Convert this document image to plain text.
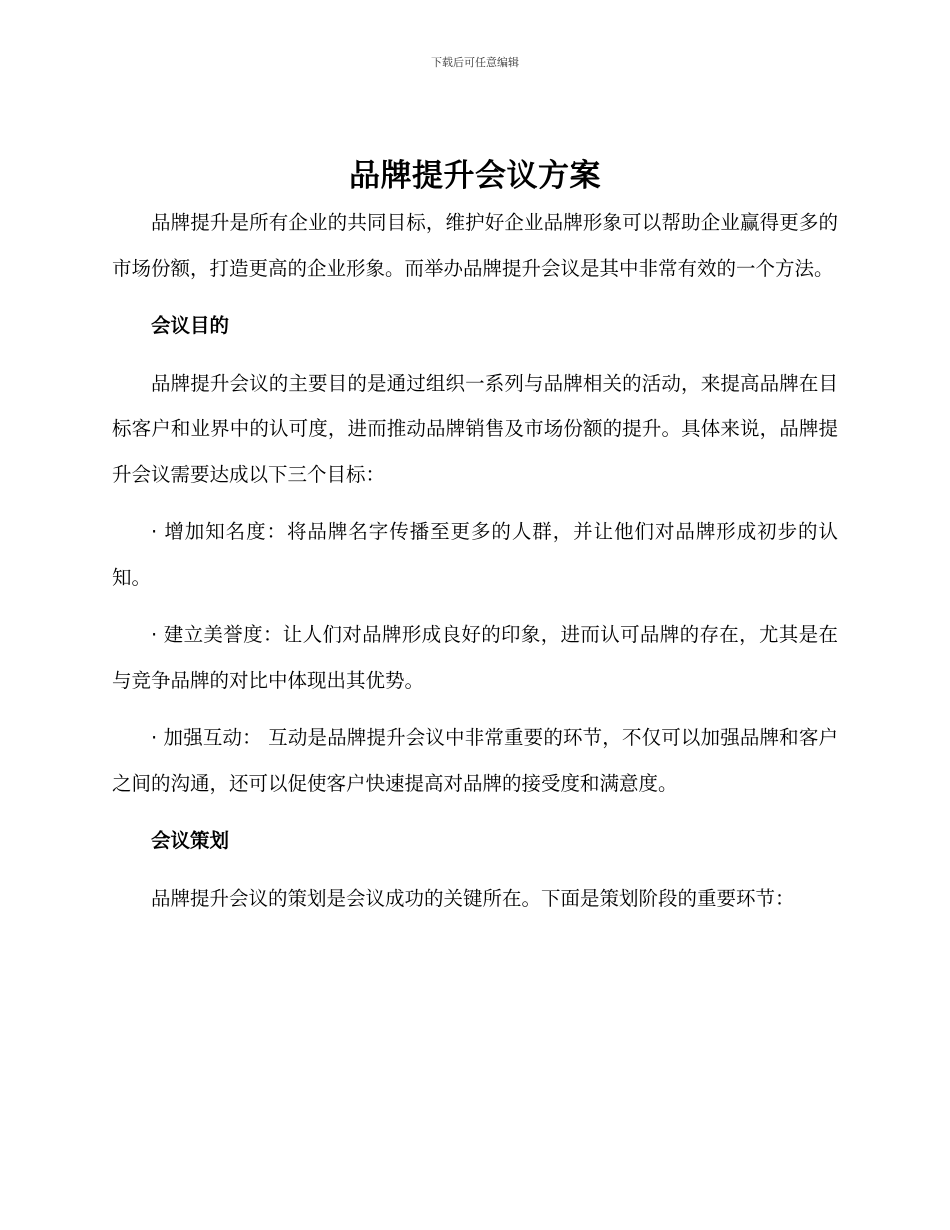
下载后可任意编辑
品牌提升会议方案

品牌提升是所有企业的共同目标，维护好企业品牌形象可以帮助企业赢得更多的市场份额，打造更高的企业形象。而举办品牌提升会议是其中非常有效的一个方法。

会议目的

品牌提升会议的主要目的是通过组织一系列与品牌相关的活动，来提高品牌在目标客户和业界中的认可度，进而推动品牌销售及市场份额的提升。具体来说，品牌提升会议需要达成以下三个目标：

· 增加知名度：将品牌名字传播至更多的人群，并让他们对品牌形成初步的认知。

· 建立美誉度：让人们对品牌形成良好的印象，进而认可品牌的存在，尤其是在与竞争品牌的对比中体现出其优势。

· 加强互动： 互动是品牌提升会议中非常重要的环节，不仅可以加强品牌和客户之间的沟通，还可以促使客户快速提高对品牌的接受度和满意度。

会议策划

品牌提升会议的策划是会议成功的关键所在。下面是策划阶段的重要环节：
